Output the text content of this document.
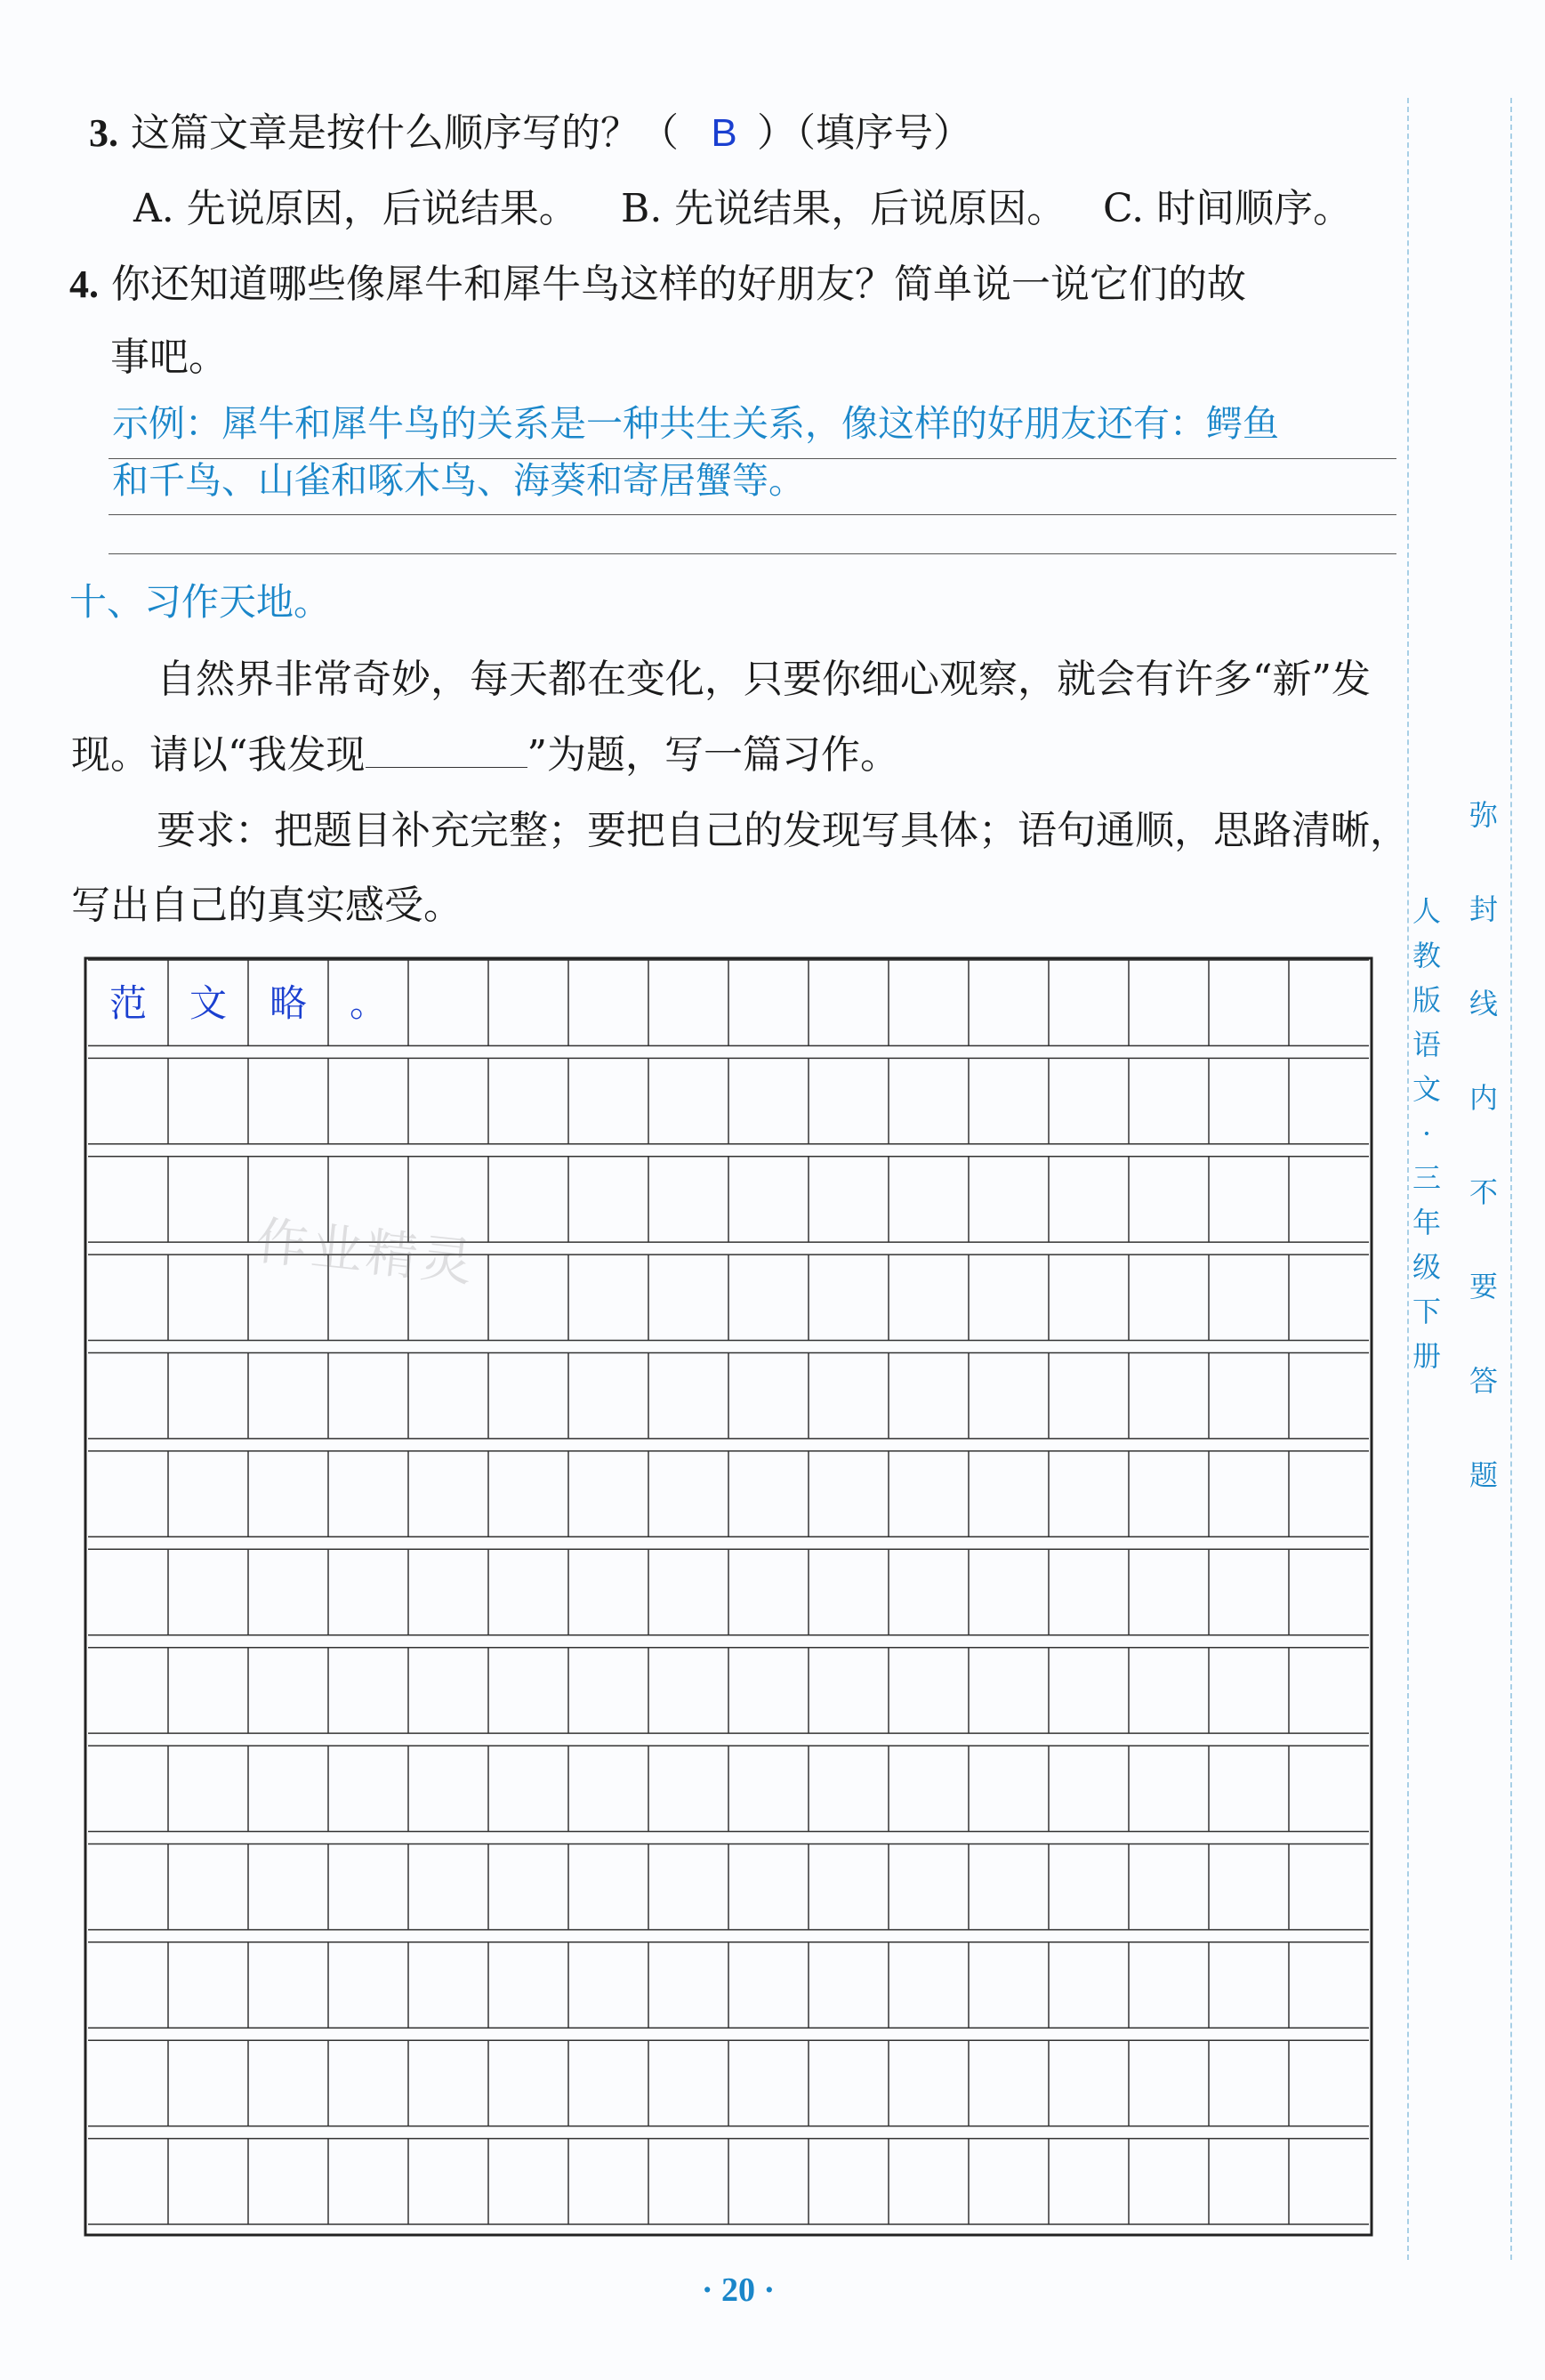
3. 这篇文章是按什么顺序写的？（ B ）（填序号）
A. 先说原因，后说结果。 B. 先说结果，后说原因。 C. 时间顺序。
4. 你还知道哪些像犀牛和犀牛鸟这样的好朋友？简单说一说它们的故
事吧。
示例：犀牛和犀牛鸟的关系是一种共生关系，像这样的好朋友还有：鳄鱼
和千鸟、山雀和啄木鸟、海葵和寄居蟹等。
十、习作天地。
自然界非常奇妙，每天都在变化，只要你细心观察，就会有许多“新”发
现。请以“我发现	”为题，写一篇习作。
要求：把题目补充完整；要把自己的发现写具体；语句通顺，思路清晰，
写出自己的真实感受。
范 文 略 。
作业精灵
弥
封
线
内
不
要
答
题
人
教
版
语
文
·
三
年
级
下
册
· 20 ·
